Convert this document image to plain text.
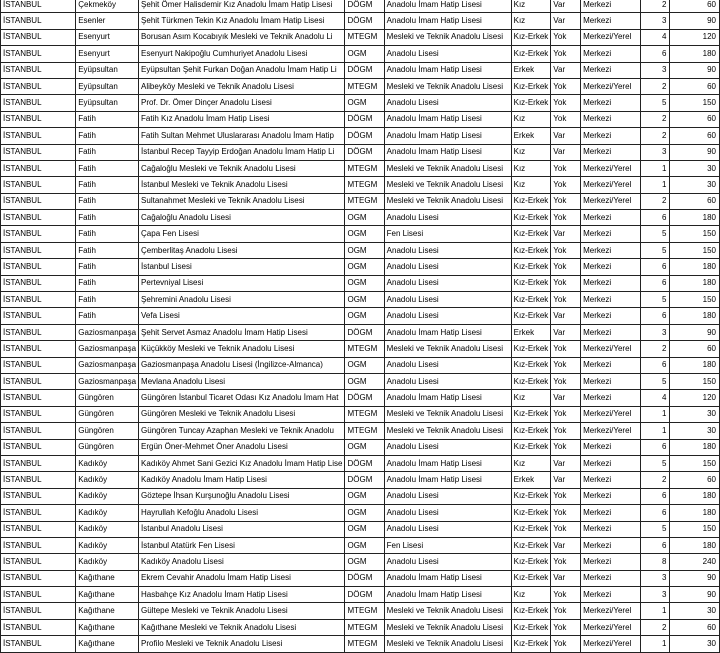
İSTANBUL	Çekmeköy	Şehit Ömer Halisdemir Kız Anadolu İmam Hatip Lisesi	DÖGM	Anadolu İmam Hatip Lisesi	Kız	Var	Merkezi	2	60
İSTANBUL	Esenler	Şehit Türkmen Tekin Kız Anadolu İmam Hatip Lisesi	DÖGM	Anadolu İmam Hatip Lisesi	Kız	Var	Merkezi	3	90
İSTANBUL	Esenyurt	Borusan Asım Kocabıyık Mesleki ve Teknik Anadolu Li	MTEGM	Mesleki ve Teknik Anadolu Lisesi	Kız-Erkek	Yok	Merkezi/Yerel	4	120
İSTANBUL	Esenyurt	Esenyurt Nakipoğlu Cumhuriyet Anadolu Lisesi	OGM	Anadolu Lisesi	Kız-Erkek	Yok	Merkezi	6	180
İSTANBUL	Eyüpsultan	Eyüpsultan Şehit Furkan Doğan Anadolu İmam Hatip Li	DÖGM	Anadolu İmam Hatip Lisesi	Erkek	Var	Merkezi	3	90
İSTANBUL	Eyüpsultan	Alibeyköy Mesleki ve Teknik Anadolu Lisesi	MTEGM	Mesleki ve Teknik Anadolu Lisesi	Kız-Erkek	Yok	Merkezi/Yerel	2	60
İSTANBUL	Eyüpsultan	Prof. Dr. Ömer Dinçer Anadolu Lisesi	OGM	Anadolu Lisesi	Kız-Erkek	Yok	Merkezi	5	150
İSTANBUL	Fatih	Fatih Kız Anadolu İmam Hatip Lisesi	DÖGM	Anadolu İmam Hatip Lisesi	Kız	Yok	Merkezi	2	60
İSTANBUL	Fatih	Fatih Sultan Mehmet Uluslararası Anadolu İmam Hatip	DÖGM	Anadolu İmam Hatip Lisesi	Erkek	Var	Merkezi	2	60
İSTANBUL	Fatih	İstanbul Recep Tayyip Erdoğan Anadolu İmam Hatip Li	DÖGM	Anadolu İmam Hatip Lisesi	Kız	Var	Merkezi	3	90
İSTANBUL	Fatih	Cağaloğlu Mesleki ve Teknik Anadolu Lisesi	MTEGM	Mesleki ve Teknik Anadolu Lisesi	Kız	Yok	Merkezi/Yerel	1	30
İSTANBUL	Fatih	İstanbul Mesleki ve Teknik Anadolu Lisesi	MTEGM	Mesleki ve Teknik Anadolu Lisesi	Kız	Yok	Merkezi/Yerel	1	30
İSTANBUL	Fatih	Sultanahmet Mesleki ve Teknik Anadolu Lisesi	MTEGM	Mesleki ve Teknik Anadolu Lisesi	Kız-Erkek	Yok	Merkezi/Yerel	2	60
İSTANBUL	Fatih	Cağaloğlu Anadolu Lisesi	OGM	Anadolu Lisesi	Kız-Erkek	Yok	Merkezi	6	180
İSTANBUL	Fatih	Çapa Fen Lisesi	OGM	Fen Lisesi	Kız-Erkek	Var	Merkezi	5	150
İSTANBUL	Fatih	Çemberlitaş Anadolu Lisesi	OGM	Anadolu Lisesi	Kız-Erkek	Yok	Merkezi	5	150
İSTANBUL	Fatih	İstanbul Lisesi	OGM	Anadolu Lisesi	Kız-Erkek	Yok	Merkezi	6	180
İSTANBUL	Fatih	Pertevniyal Lisesi	OGM	Anadolu Lisesi	Kız-Erkek	Yok	Merkezi	6	180
İSTANBUL	Fatih	Şehremini Anadolu Lisesi	OGM	Anadolu Lisesi	Kız-Erkek	Yok	Merkezi	5	150
İSTANBUL	Fatih	Vefa Lisesi	OGM	Anadolu Lisesi	Kız-Erkek	Var	Merkezi	6	180
İSTANBUL	Gaziosmanpaşa	Şehit Servet Asmaz Anadolu İmam Hatip Lisesi	DÖGM	Anadolu İmam Hatip Lisesi	Erkek	Var	Merkezi	3	90
İSTANBUL	Gaziosmanpaşa	Küçükköy Mesleki ve Teknik Anadolu Lisesi	MTEGM	Mesleki ve Teknik Anadolu Lisesi	Kız-Erkek	Yok	Merkezi/Yerel	2	60
İSTANBUL	Gaziosmanpaşa	Gaziosmanpaşa Anadolu Lisesi (İngilizce-Almanca)	OGM	Anadolu Lisesi	Kız-Erkek	Yok	Merkezi	6	180
İSTANBUL	Gaziosmanpaşa	Mevlana Anadolu Lisesi	OGM	Anadolu Lisesi	Kız-Erkek	Yok	Merkezi	5	150
İSTANBUL	Güngören	Güngören İstanbul Ticaret Odası Kız Anadolu İmam Hat	DÖGM	Anadolu İmam Hatip Lisesi	Kız	Var	Merkezi	4	120
İSTANBUL	Güngören	Güngören Mesleki ve Teknik Anadolu Lisesi	MTEGM	Mesleki ve Teknik Anadolu Lisesi	Kız-Erkek	Yok	Merkezi/Yerel	1	30
İSTANBUL	Güngören	Güngören Tuncay Azaphan Mesleki ve Teknik Anadolu	MTEGM	Mesleki ve Teknik Anadolu Lisesi	Kız-Erkek	Yok	Merkezi/Yerel	1	30
İSTANBUL	Güngören	Ergün Öner-Mehmet Öner Anadolu Lisesi	OGM	Anadolu Lisesi	Kız-Erkek	Yok	Merkezi	6	180
İSTANBUL	Kadıköy	Kadıköy Ahmet Sani Gezici Kız Anadolu İmam Hatip Lise	DÖGM	Anadolu İmam Hatip Lisesi	Kız	Var	Merkezi	5	150
İSTANBUL	Kadıköy	Kadıköy Anadolu İmam Hatip Lisesi	DÖGM	Anadolu İmam Hatip Lisesi	Erkek	Var	Merkezi	2	60
İSTANBUL	Kadıköy	Göztepe İhsan Kurşunoğlu Anadolu Lisesi	OGM	Anadolu Lisesi	Kız-Erkek	Yok	Merkezi	6	180
İSTANBUL	Kadıköy	Hayrullah Kefoğlu Anadolu Lisesi	OGM	Anadolu Lisesi	Kız-Erkek	Yok	Merkezi	6	180
İSTANBUL	Kadıköy	İstanbul Anadolu Lisesi	OGM	Anadolu Lisesi	Kız-Erkek	Yok	Merkezi	5	150
İSTANBUL	Kadıköy	İstanbul Atatürk Fen Lisesi	OGM	Fen Lisesi	Kız-Erkek	Var	Merkezi	6	180
İSTANBUL	Kadıköy	Kadıköy Anadolu Lisesi	OGM	Anadolu Lisesi	Kız-Erkek	Yok	Merkezi	8	240
İSTANBUL	Kağıthane	Ekrem Cevahir Anadolu İmam Hatip Lisesi	DÖGM	Anadolu İmam Hatip Lisesi	Kız-Erkek	Var	Merkezi	3	90
İSTANBUL	Kağıthane	Hasbahçe Kız Anadolu İmam Hatip Lisesi	DÖGM	Anadolu İmam Hatip Lisesi	Kız	Yok	Merkezi	3	90
İSTANBUL	Kağıthane	Gültepe Mesleki ve Teknik Anadolu Lisesi	MTEGM	Mesleki ve Teknik Anadolu Lisesi	Kız-Erkek	Yok	Merkezi/Yerel	1	30
İSTANBUL	Kağıthane	Kağıthane Mesleki ve Teknik Anadolu Lisesi	MTEGM	Mesleki ve Teknik Anadolu Lisesi	Kız-Erkek	Yok	Merkezi/Yerel	2	60
İSTANBUL	Kağıthane	Profilo Mesleki ve Teknik Anadolu Lisesi	MTEGM	Mesleki ve Teknik Anadolu Lisesi	Kız-Erkek	Yok	Merkezi/Yerel	1	30
